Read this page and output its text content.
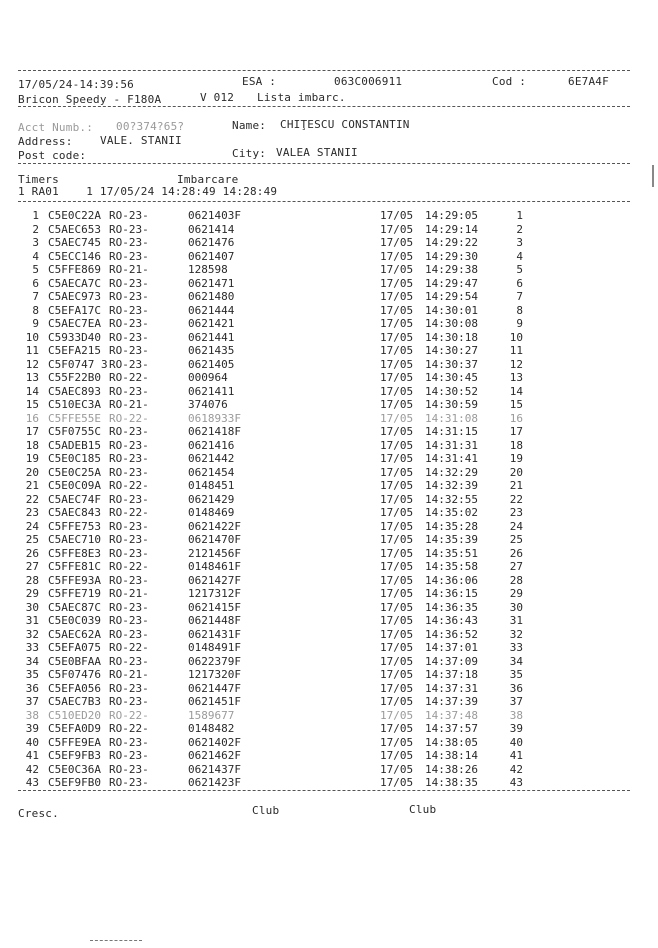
17/05/24-14:39:56	ESA :	063C006911	Cod :	6E7A4F
Bricon Speedy - F180A	V 012 Lista imbarc.
Acct Numb.: 00?374?65?	Name: CHIŢESCU CONSTANTIN
Address: VALE. STANII
Post code:	City: VALEA STANII
Timers	Imbarcare
1 RA01    1 17/05/24 14:28:49 14:28:49
1 C5E0C22A RO-23-	0621403F	17/05 14:29:05	1
2 C5AEC653 RO-23-	0621414	17/05 14:29:14	2
3 C5AEC745 RO-23-	0621476	17/05 14:29:22	3
4 C5ECC146 RO-23-	0621407	17/05 14:29:30	4
5 C5FFE869 RO-21-	128598	17/05 14:29:38	5
6 C5AECA7C RO-23-	0621471	17/05 14:29:47	6
7 C5AEC973 RO-23-	0621480	17/05 14:29:54	7
8 C5EFA17C RO-23-	0621444	17/05 14:30:01	8
9 C5AEC7EA RO-23-	0621421	17/05 14:30:08	9
10 C5933D40 RO-23-	0621441	17/05 14:30:18	10
11 C5EFA215 RO-23-	0621435	17/05 14:30:27	11
12 C5F0747 3 RO-23-	0621405	17/05 14:30:37	12
13 C55F22B0 RO-22-	000964	17/05 14:30:45	13
14 C5AEC893 RO-23-	0621411	17/05 14:30:52	14
15 C510EC3A RO-21-	374076	17/05 14:30:59	15
16 C5FFE55E RO-22-	0618933F	17/05 14:31:08	16
17 C5F0755C RO-23-	0621418F	17/05 14:31:15	17
18 C5ADEB15 RO-23-	0621416	17/05 14:31:31	18
19 C5E0C185 RO-23-	0621442	17/05 14:31:41	19
20 C5E0C25A RO-23-	0621454	17/05 14:32:29	20
21 C5E0C09A RO-22-	0148451	17/05 14:32:39	21
22 C5AEC74F RO-23-	0621429	17/05 14:32:55	22
23 C5AEC843 RO-22-	0148469	17/05 14:35:02	23
24 C5FFE753 RO-23-	0621422F	17/05 14:35:28	24
25 C5AEC710 RO-23-	0621470F	17/05 14:35:39	25
26 C5FFE8E3 RO-23-	2121456F	17/05 14:35:51	26
27 C5FFE81C RO-22-	0148461F	17/05 14:35:58	27
28 C5FFE93A RO-23-	0621427F	17/05 14:36:06	28
29 C5FFE719 RO-21-	1217312F	17/05 14:36:15	29
30 C5AEC87C RO-23-	0621415F	17/05 14:36:35	30
31 C5E0C039 RO-23-	0621448F	17/05 14:36:43	31
32 C5AEC62A RO-23-	0621431F	17/05 14:36:52	32
33 C5EFA075 RO-22-	0148491F	17/05 14:37:01	33
34 C5E0BFAA RO-23-	0622379F	17/05 14:37:09	34
35 C5F07476 RO-21-	1217320F	17/05 14:37:18	35
36 C5EFA056 RO-23-	0621447F	17/05 14:37:31	36
37 C5AEC7B3 RO-23-	0621451F	17/05 14:37:39	37
38 C510ED20 RO-22-	1589677	17/05 14:37:48	38
39 C5EFA0D9 RO-22-	0148482	17/05 14:37:57	39
40 C5FFE9EA RO-23-	0621402F	17/05 14:38:05	40
41 C5EF9FB3 RO-23-	0621462F	17/05 14:38:14	41
42 C5E0C36A RO-23-	0621437F	17/05 14:38:26	42
43 C5EF9FB0 RO-23-	0621423F	17/05 14:38:35	43
Cresc.	Club	Club
